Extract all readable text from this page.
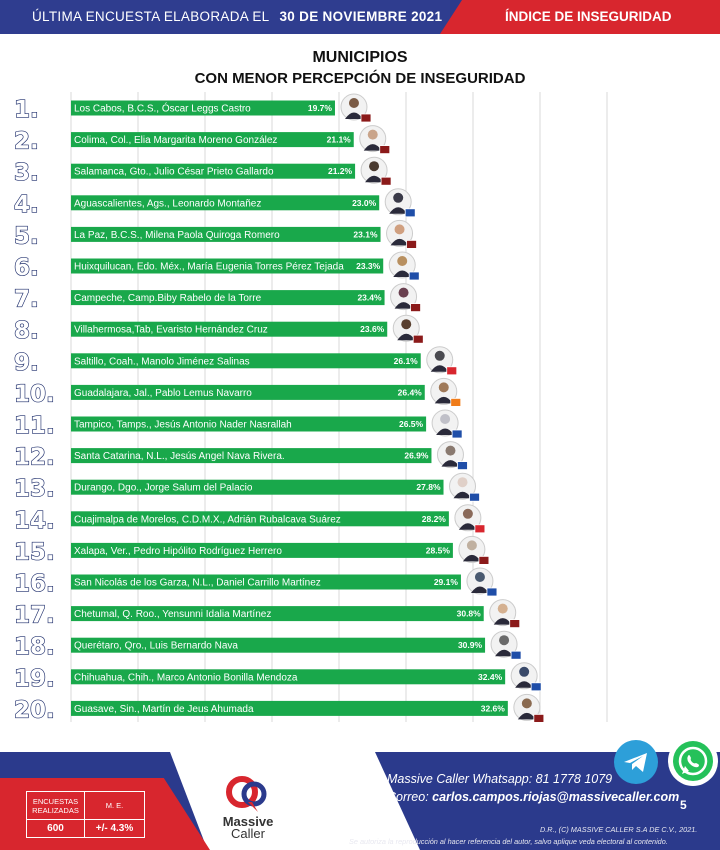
ÚLTIMA ENCUESTA ELABORADA EL 30 DE NOVIEMBRE 2021	ÍNDICE DE INSEGURIDAD
MUNICIPIOS
CON MENOR PERCEPCIÓN DE INSEGURIDAD
1.	Los Cabos, B.C.S., Óscar Leggs Castro	19.7%
2.	Colima, Col., Elia Margarita Moreno González	21.1%
3.	Salamanca, Gto., Julio César Prieto Gallardo	21.2%
4.	Aguascalientes, Ags., Leonardo Montañez	23.0%
5.	La Paz, B.C.S., Milena Paola Quiroga Romero	23.1%
6.	Huixquilucan, Edo. Méx., María Eugenia Torres Pérez Tejada 23.3%
7.	Campeche, Camp.Biby Rabelo de la Torre	23.4%
8.	Villahermosa,Tab, Evaristo Hernández Cruz	23.6%
9.	Saltillo, Coah., Manolo Jiménez Salinas	26.1%
10. Guadalajara, Jal., Pablo Lemus Navarro	26.4%
11. Tampico, Tamps., Jesús Antonio Nader Nasrallah	26.5%
12. Santa Catarina, N.L., Jesús Angel Nava Rivera.	26.9%
13. Durango, Dgo., Jorge Salum del Palacio	27.8%
14. Cuajimalpa de Morelos, C.D.M.X., Adrián Rubalcava Suárez	28.2%
15. Xalapa, Ver., Pedro Hipólito Rodríguez Herrero	28.5%
16. San Nicolás de los Garza, N.L., Daniel Carrillo Martínez	29.1%
17. Chetumal, Q. Roo., Yensunni Idalia Martínez	30.8%
18. Querétaro, Qro., Luis Bernardo Nava	30.9%
19. Chihuahua, Chih., Marco Antonio Bonilla Mendoza	32.4%
20. Guasave, Sin., Martín de Jeus Ahumada	32.6%
ENCUESTAS REALIZADAS	M. E.
600	+/- 4.3%	Massive
Caller
Massive Caller Whatsapp: 81 1778 1079
Correo: carlos.campos.riojas@massivecaller.com
5
D.R., (C) MASSIVE CALLER S.A DE C.V., 2021.
Se autoriza la reproducción al hacer referencia del autor, salvo aplique veda electoral al contenido.
